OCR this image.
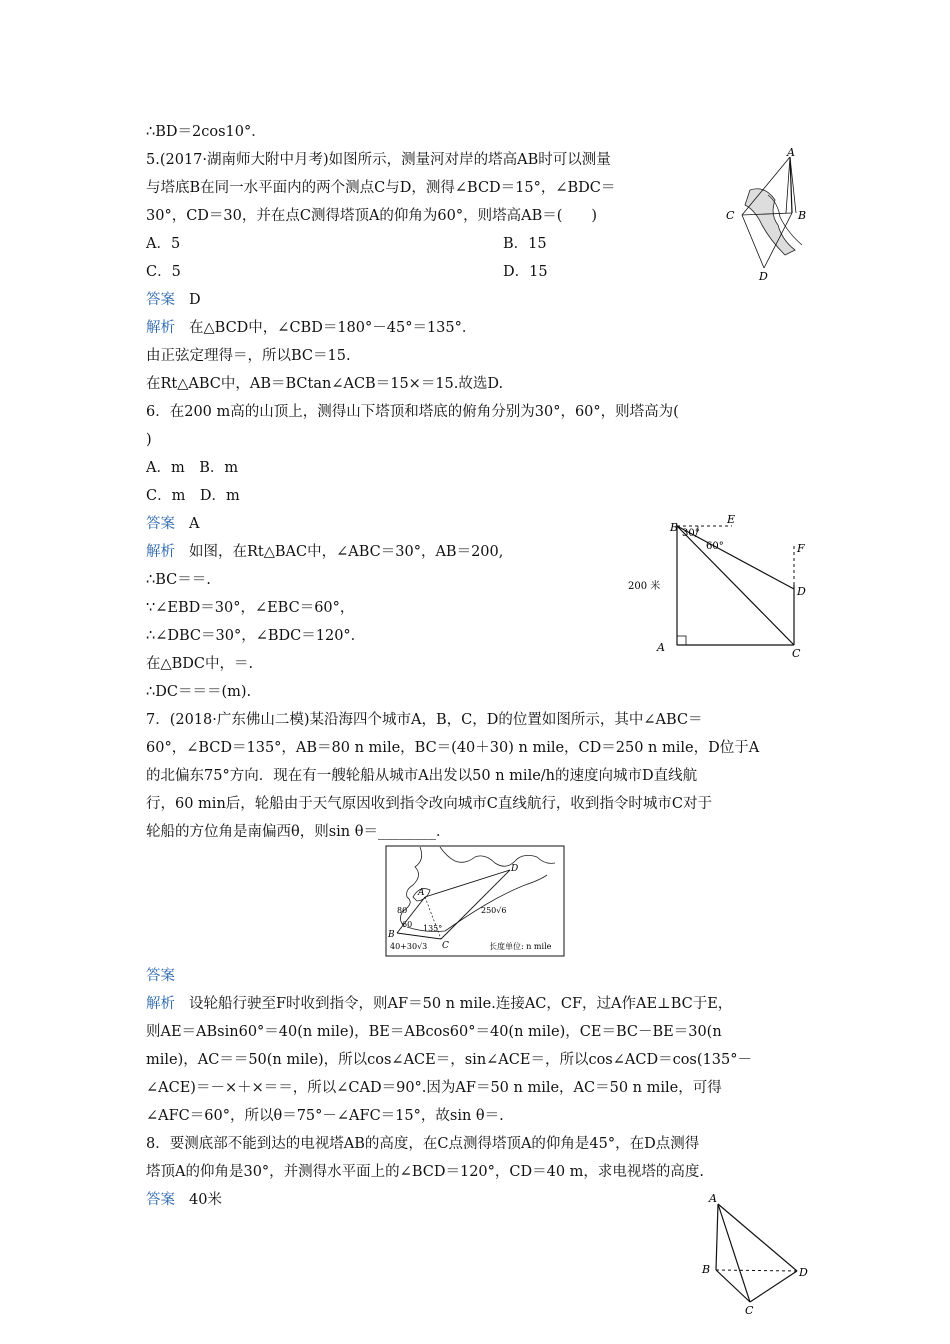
∴BD＝2cos10°．
5.(2017·湖南师大附中月考)如图所示，测量河对岸的塔高AB时可以测量
与塔底B在同一水平面内的两个测点C与D，测得∠BCD＝15°，∠BDC＝
30°，CD＝30，并在点C测得塔顶A的仰角为60°，则塔高AB＝(　　)
A．5	B．15
C．5	D．15
答案 D
解析 在△BCD中，∠CBD＝180°－45°＝135°．
由正弦定理得＝，所以BC＝15.
在Rt△ABC中，AB＝BCtan∠ACB＝15×＝15.故选D.
6．在200 m高的山顶上，测得山下塔顶和塔底的俯角分别为30°，60°，则塔高为(
)
A．m　B．m
C．m　D．m
答案 A
解析 如图，在Rt△BAC中，∠ABC＝30°，AB＝200,
∴BC＝＝.
∵∠EBD＝30°，∠EBC＝60°，
∴∠DBC＝30°，∠BDC＝120°．
在△BDC中，＝.
∴DC＝＝＝(m).
7．(2018·广东佛山二模)某沿海四个城市A，B，C，D的位置如图所示，其中∠ABC＝
60°，∠BCD＝135°，AB＝80 n mile，BC＝(40＋30) n mile，CD＝250 n mile，D位于A
的北偏东75°方向．现在有一艘轮船从城市A出发以50 n mile/h的速度向城市D直线航
行，60 min后，轮船由于天气原因收到指令改向城市C直线航行，收到指令时城市C对于
轮船的方位角是南偏西θ，则sin θ＝________．
答案
解析 设轮船行驶至F时收到指令，则AF＝50 n mile.连接AC，CF，过A作AE⊥BC于E，
则AE＝ABsin60°＝40(n mile)，BE＝ABcos60°＝40(n mile)，CE＝BC－BE＝30(n
mile)，AC＝＝50(n mile)，所以cos∠ACE＝，sin∠ACE＝，所以cos∠ACD＝cos(135°－
∠ACE)＝－×＋×＝＝，所以∠CAD＝90°.因为AF＝50 n mile，AC＝50 n mile，可得
∠AFC＝60°，所以θ＝75°－∠AFC＝15°，故sin θ＝.
8．要测底部不能到达的电视塔AB的高度，在C点测得塔顶A的仰角是45°，在D点测得
塔顶A的仰角是30°，并测得水平面上的∠BCD＝120°，CD＝40 m，求电视塔的高度.
答案 40米
A
B
C
D
B
E
F
D
A	C
30°
60°
200 米
A
B
C
D
80
60 135°
40+30√3
250√6
长度单位: n mile
A
B
C
D
